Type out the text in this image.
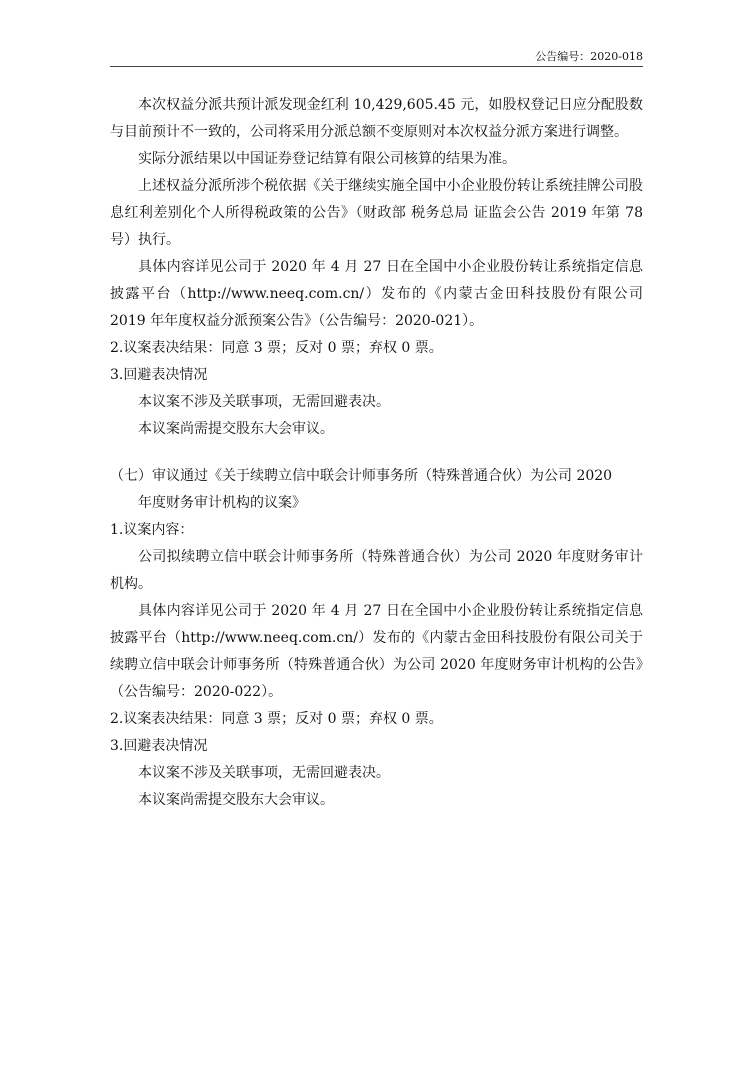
公告编号：2020-018

本次权益分派共预计派发现金红利 10,429,605.45 元，如股权登记日应分配股数与目前预计不一致的，公司将采用分派总额不变原则对本次权益分派方案进行调整。

实际分派结果以中国证券登记结算有限公司核算的结果为准。

上述权益分派所涉个税依据《关于继续实施全国中小企业股份转让系统挂牌公司股息红利差别化个人所得税政策的公告》（财政部 税务总局 证监会公告 2019 年第 78 号）执行。

具体内容详见公司于 2020 年 4 月 27 日在全国中小企业股份转让系统指定信息披露平台（http://www.neeq.com.cn/）发布的《内蒙古金田科技股份有限公司 2019 年年度权益分派预案公告》（公告编号：2020-021）。

2.议案表决结果：同意 3 票；反对 0 票；弃权 0 票。

3.回避表决情况

本议案不涉及关联事项，无需回避表决。

本议案尚需提交股东大会审议。

（七）审议通过《关于续聘立信中联会计师事务所（特殊普通合伙）为公司 2020
年度财务审计机构的议案》

1.议案内容：

公司拟续聘立信中联会计师事务所（特殊普通合伙）为公司 2020 年度财务审计机构。

具体内容详见公司于 2020 年 4 月 27 日在全国中小企业股份转让系统指定信息披露平台（http://www.neeq.com.cn/）发布的《内蒙古金田科技股份有限公司关于续聘立信中联会计师事务所（特殊普通合伙）为公司 2020 年度财务审计机构的公告》（公告编号：2020-022）。

2.议案表决结果：同意 3 票；反对 0 票；弃权 0 票。

3.回避表决情况

本议案不涉及关联事项，无需回避表决。

本议案尚需提交股东大会审议。
